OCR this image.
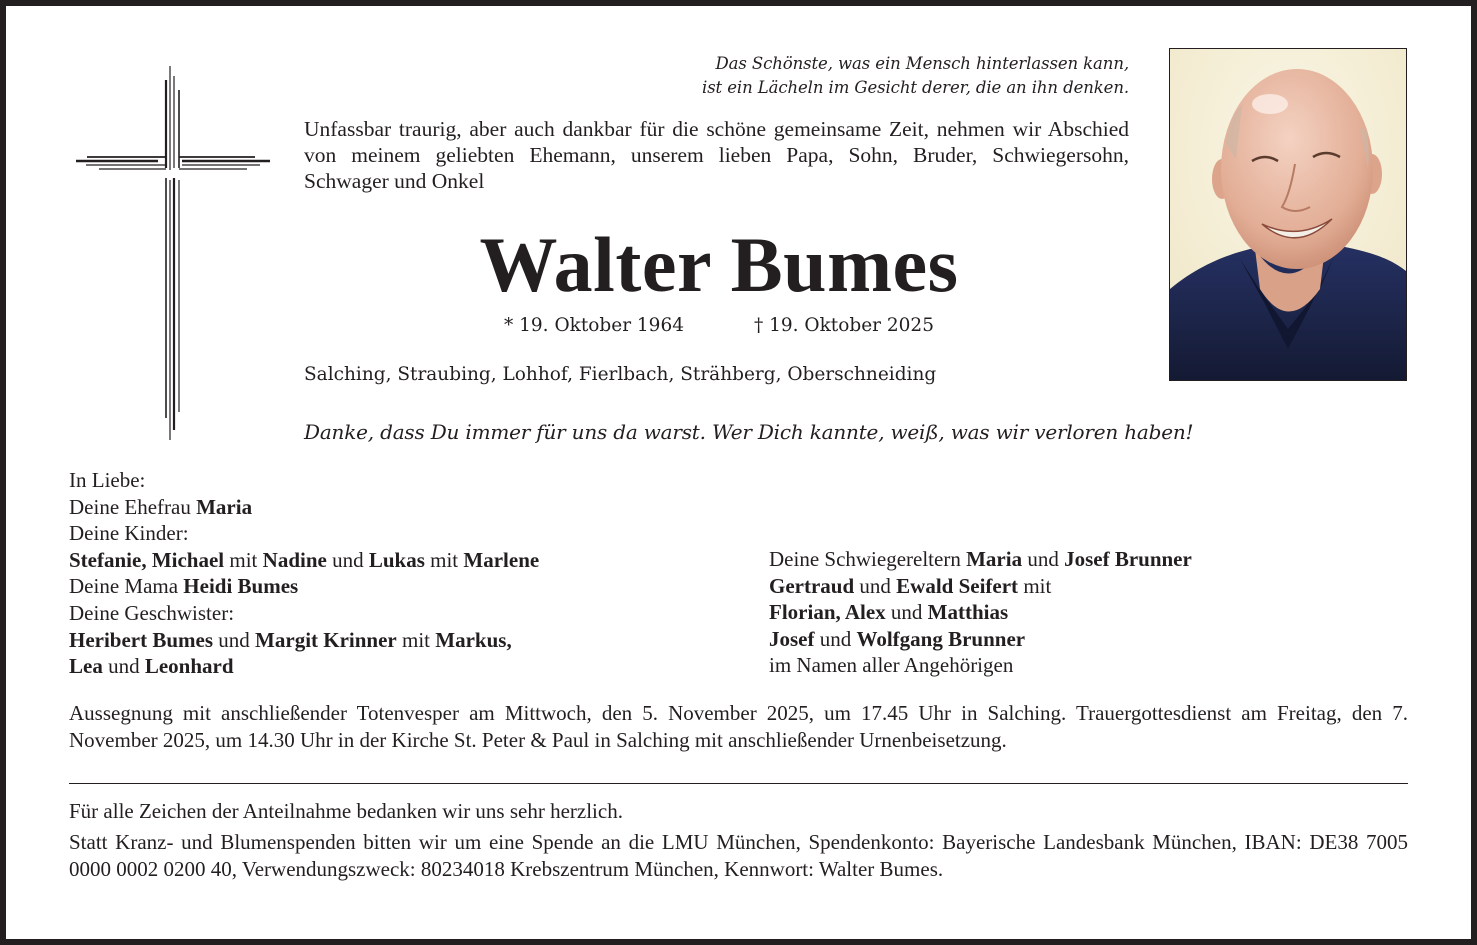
Das Schönste, was ein Mensch hinterlassen kann,
ist ein Lächeln im Gesicht derer, die an ihn denken.
Unfassbar traurig, aber auch dankbar für die schöne gemeinsame Zeit, nehmen wir Abschied von meinem geliebten Ehemann, unserem lieben Papa, Sohn, Bruder, Schwiegersohn, Schwager und Onkel
Walter Bumes
* 19. Oktober 1964	† 19. Oktober 2025
Salching, Straubing, Lohhof, Fierlbach, Strähberg, Oberschneiding
Danke, dass Du immer für uns da warst. Wer Dich kannte, weiß, was wir verloren haben!
In Liebe:
Deine Ehefrau Maria
Deine Kinder:
Stefanie, Michael mit Nadine und Lukas mit Marlene
Deine Mama Heidi Bumes
Deine Geschwister:
Heribert Bumes und Margit Krinner mit Markus,
Lea und Leonhard
Deine Schwiegereltern Maria und Josef Brunner
Gertraud und Ewald Seifert mit
Florian, Alex und Matthias
Josef und Wolfgang Brunner
im Namen aller Angehörigen
Aussegnung mit anschließender Totenvesper am Mittwoch, den 5. November 2025, um 17.45 Uhr in Salching. Trauergottesdienst am Freitag, den 7. November 2025, um 14.30 Uhr in der Kirche St. Peter & Paul in Salching mit anschließender Urnenbeisetzung.
Für alle Zeichen der Anteilnahme bedanken wir uns sehr herzlich.
Statt Kranz- und Blumenspenden bitten wir um eine Spende an die LMU München, Spendenkonto: Bayerische Landesbank München, IBAN: DE38 7005 0000 0002 0200 40, Verwendungszweck: 80234018 Krebszentrum München, Kennwort: Walter Bumes.
